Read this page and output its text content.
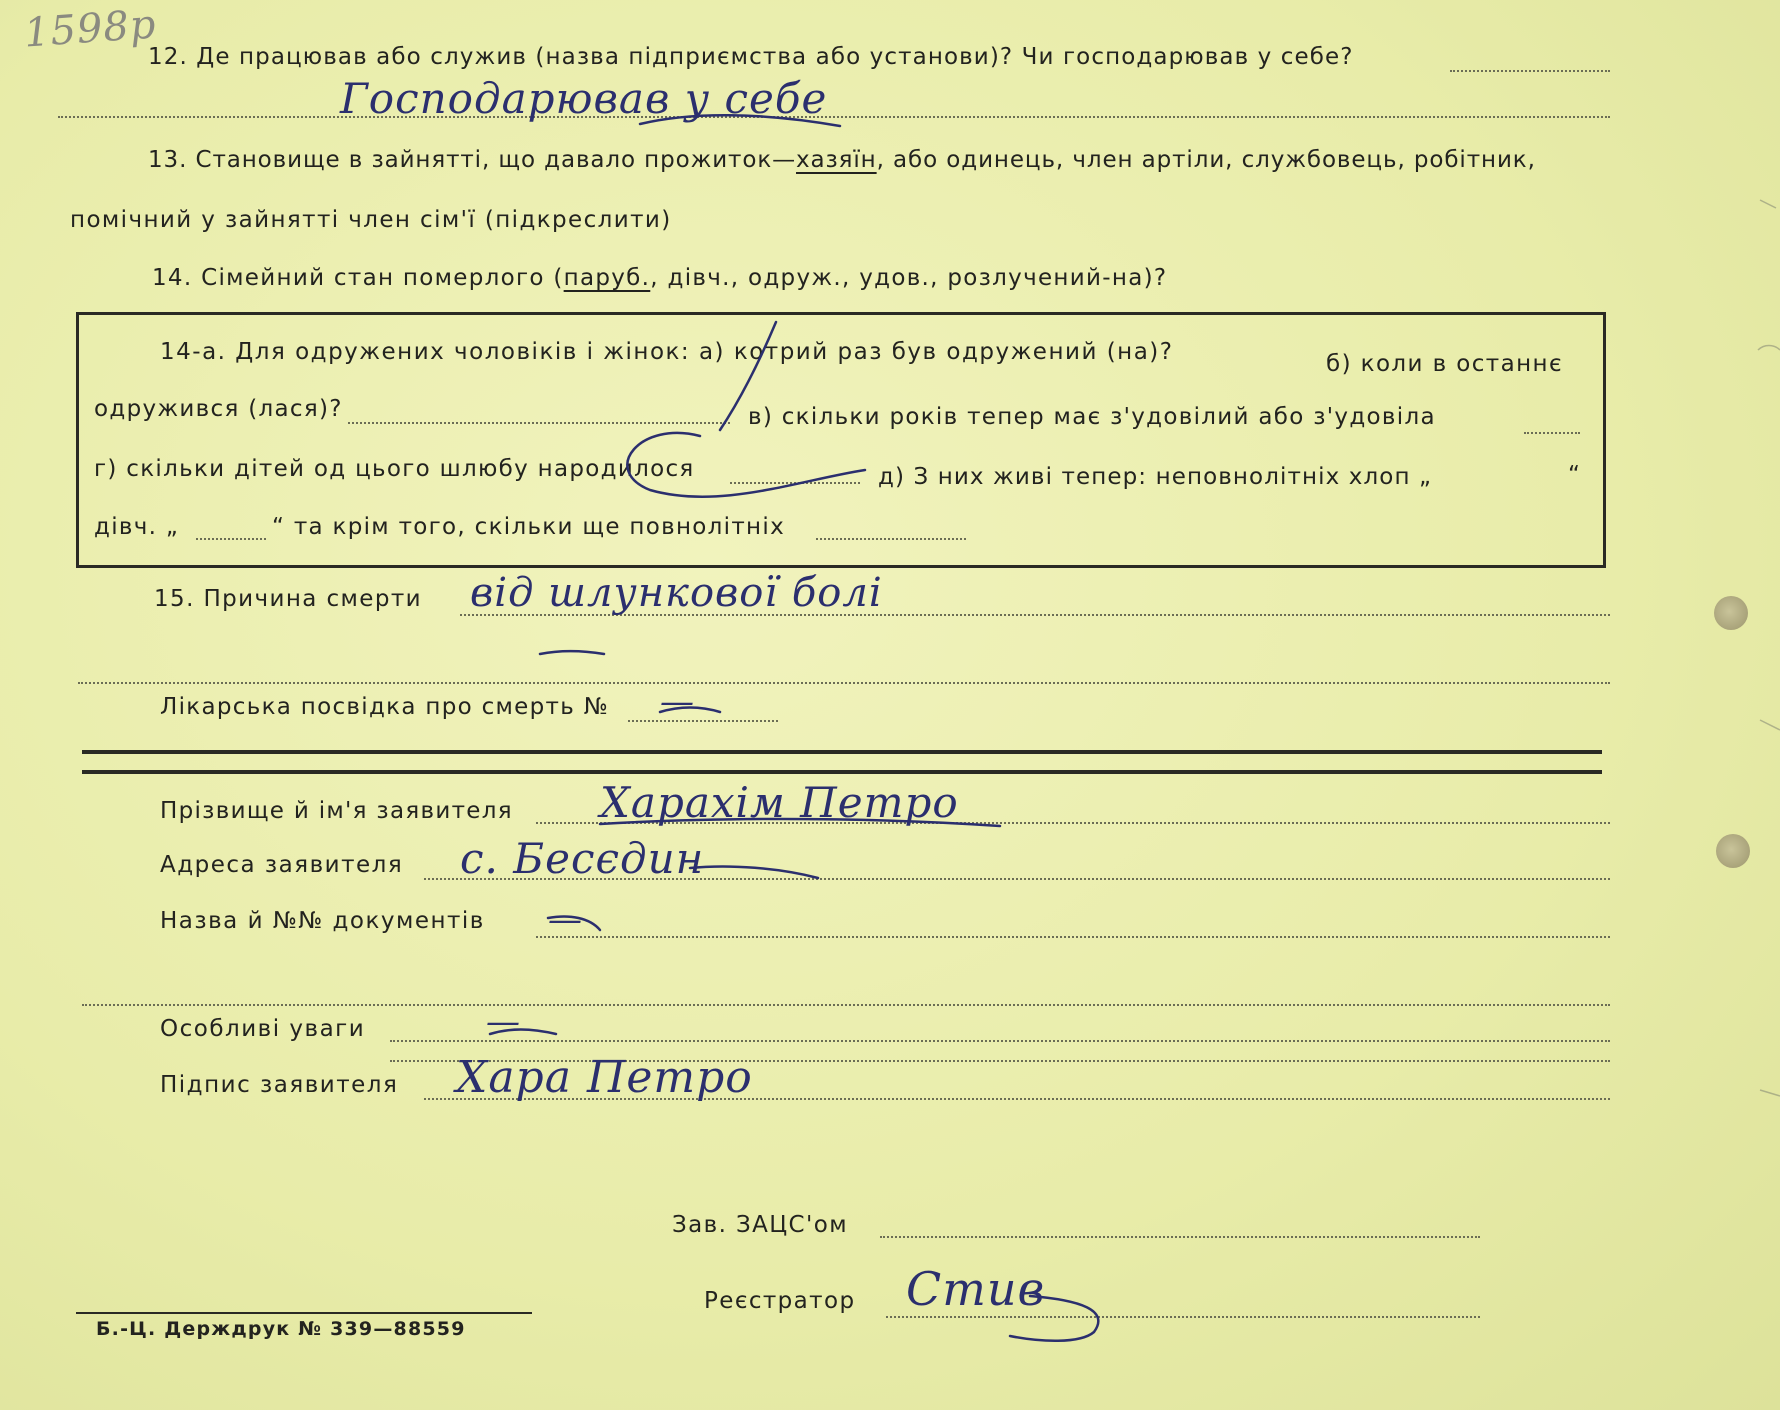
1598р
12. Де працював або служив (назва підприємства або установи)? Чи господарював у себе?
Господарював у себе
13. Становище в зайнятті, що давало прожиток—хазяїн, або одинець, член артіли, службовець, робітник,
помічний у зайнятті член сім'ї (підкреслити)
14. Сімейний стан померлого (паруб., дівч., одруж., удов., розлучений-на)?
14-а. Для одружених чоловіків і жінок: а) котрий раз був одружений (на)?	б) коли в останнє
одружився (лася)?	в) скільки років тепер має з'удовілий або з'удовіла
г) скільки дітей од цього шлюбу народилося	д) З них живі тепер: неповнолітніх хлоп „	“
дівч. „	“ та крім того, скільки ще повнолітніх
15. Причина смерти від шлункової болі
Лікарська посвідка про смерть № —
Прізвище й ім'я заявителя Харахім Петро
Адреса заявителя с. Бесєдин
Назва й №№ документів —
Особливі уваги	—
Підпис заявителя Хара Петро
Зав. ЗАЦС'ом
Реєстратор Стив
Б.-Ц. Держдрук № 339—88559
